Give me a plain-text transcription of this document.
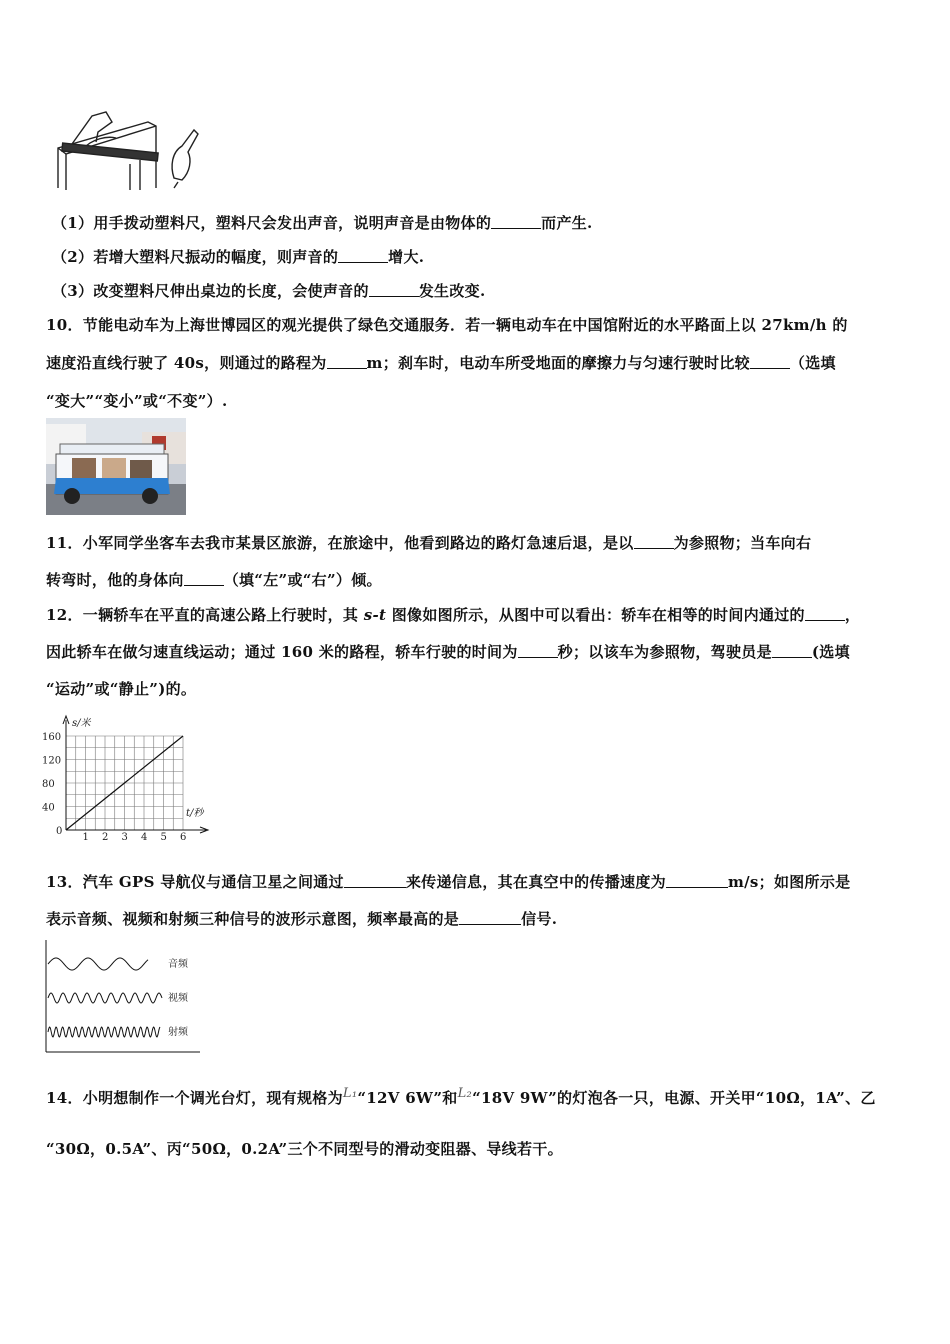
（1）用手拨动塑料尺，塑料尺会发出声音，说明声音是由物体的	而产生.
（2）若增大塑料尺振动的幅度，则声音的	增大.
（3）改变塑料尺伸出桌边的长度，会使声音的	发生改变.
10．节能电动车为上海世博园区的观光提供了绿色交通服务．若一辆电动车在中国馆附近的水平路面上以 27km/h 的
速度沿直线行驶了 40s，则通过的路程为	m；刹车时，电动车所受地面的摩擦力与匀速行驶时比较	（选填
“变大”“变小”或“不变”）.
11．小军同学坐客车去我市某景区旅游，在旅途中，他看到路边的路灯急速后退，是以	为参照物；当车向右
转弯时，他的身体向	（填“左”或“右”）倾。
12．一辆轿车在平直的高速公路上行驶时，其 s-t 图像如图所示，从图中可以看出：轿车在相等的时间内通过的	，
因此轿车在做匀速直线运动；通过 160 米的路程，轿车行驶的时间为	秒；以该车为参照物，驾驶员是	(选填
“运动”或“静止”)的。
s/米
t/秒
0
160
120
80
40
1 2 3 4 5 6
13．汽车 GPS 导航仪与通信卫星之间通过	来传递信息，其在真空中的传播速度为	m/s；如图所示是
表示音频、视频和射频三种信号的波形示意图，频率最高的是	信号.
音频
视频
射频
14．小明想制作一个调光台灯，现有规格为L₁“12V 6W”和L₂“18V 9W”的灯泡各一只，电源、开关甲“10Ω，1A”、乙
“30Ω，0.5A”、丙“50Ω，0.2A”三个不同型号的滑动变阻器、导线若干。
